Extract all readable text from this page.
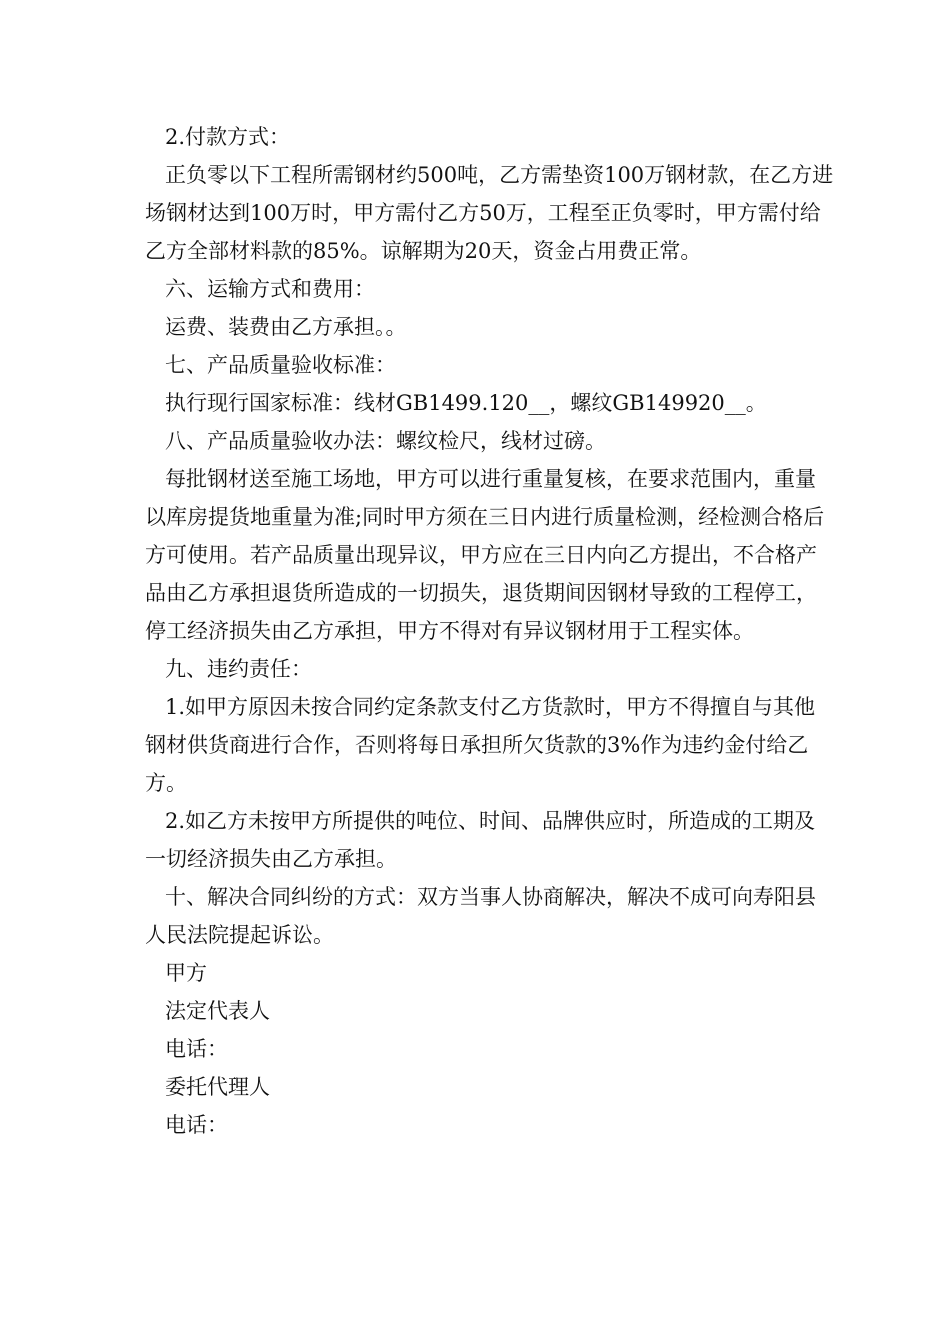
2.付款方式：

正负零以下工程所需钢材约500吨，乙方需垫资100万钢材款，在乙方进场钢材达到100万时，甲方需付乙方50万，工程至正负零时，甲方需付给乙方全部材料款的85%。谅解期为20天，资金占用费正常。

六、运输方式和费用：

运费、装费由乙方承担。。

七、产品质量验收标准：

执行现行国家标准：线材GB1499.120__，螺纹GB149920__。

八、产品质量验收办法：螺纹检尺，线材过磅。

每批钢材送至施工场地，甲方可以进行重量复核，在要求范围内，重量以库房提货地重量为准;同时甲方须在三日内进行质量检测，经检测合格后方可使用。若产品质量出现异议，甲方应在三日内向乙方提出，不合格产品由乙方承担退货所造成的一切损失，退货期间因钢材导致的工程停工，停工经济损失由乙方承担，甲方不得对有异议钢材用于工程实体。

九、违约责任：

1.如甲方原因未按合同约定条款支付乙方货款时，甲方不得擅自与其他钢材供货商进行合作，否则将每日承担所欠货款的3%作为违约金付给乙方。

2.如乙方未按甲方所提供的吨位、时间、品牌供应时，所造成的工期及一切经济损失由乙方承担。

十、解决合同纠纷的方式：双方当事人协商解决，解决不成可向寿阳县人民法院提起诉讼。

甲方

法定代表人

电话：

委托代理人

电话：
